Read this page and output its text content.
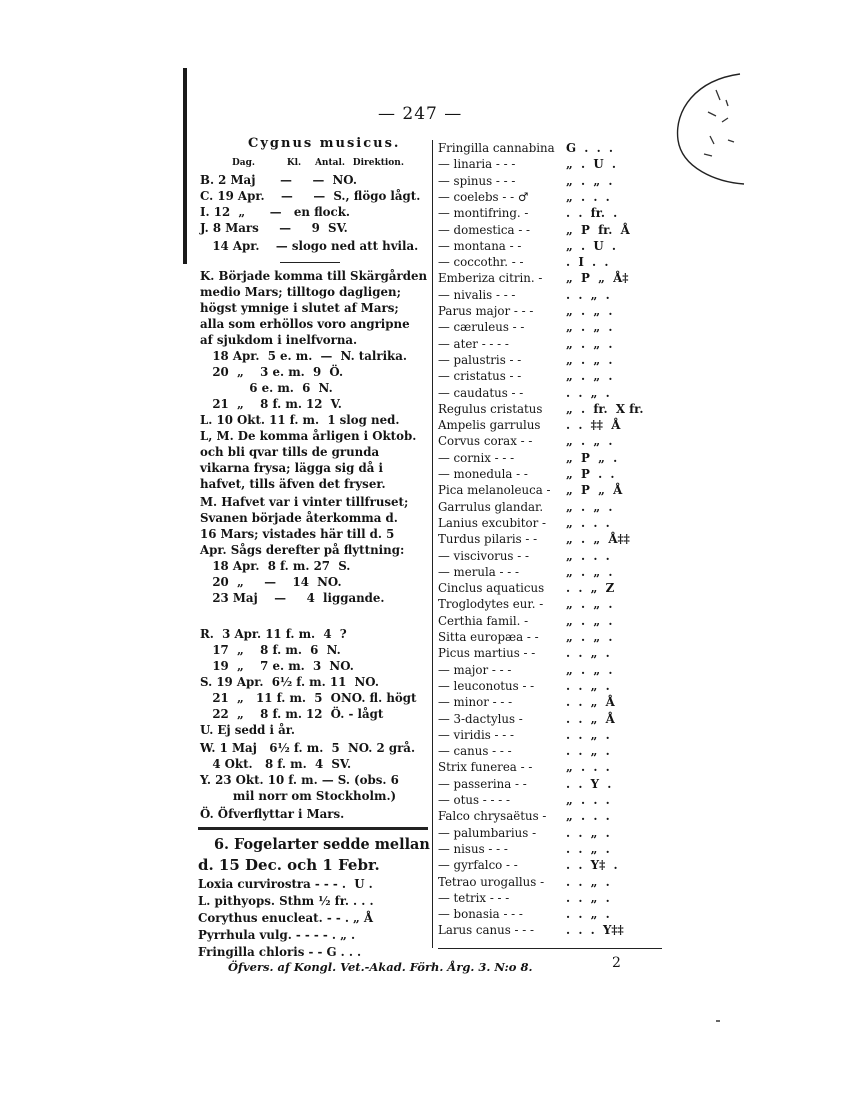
— 247 —
Cygnus musicus.
Dag.	Kl. Antal. Direktion.
B. 2 Maj      —     —  NO.
C. 19 Apr.    —     —  S., flögo lågt.
I. 12  „      —   en flock.
J. 8 Mars     —     9  SV.
14 Apr.    — slogo ned att hvila.
K. Började komma till Skärgården
medio Mars; tilltogo dagligen;
högst ymnige i slutet af Mars;
alla som erhöllos voro angripne
af sjukdom i inelfvorna.
18 Apr.  5 e. m.  —  N. talrika.
20  „    3 e. m.  9  Ö.
6 e. m.  6  N.
21  „    8 f. m. 12  V.
L. 10 Okt. 11 f. m.  1 slog ned.
L, M. De komma årligen i Oktob.
och bli qvar tills de grunda
vikarna frysa; lägga sig då i
hafvet, tills äfven det fryser.
M. Hafvet var i vinter tillfruset;
Svanen började återkomma d.
16 Mars; vistades här till d. 5
Apr. Sågs derefter på flyttning:
18 Apr.  8 f. m. 27  S.
20  „     —    14  NO.
23 Maj    —     4  liggande.
R.  3 Apr. 11 f. m.  4  ?
17  „    8 f. m.  6  N.
19  „    7 e. m.  3  NO.
S. 19 Apr.  6½ f. m. 11  NO.
21  „   11 f. m.  5  ONO. fl. högt
22  „    8 f. m. 12  Ö. - lågt
U. Ej sedd i år.
W. 1 Maj   6½ f. m.  5  NO. 2 grå.
4 Okt.   8 f. m.  4  SV.
Y. 23 Okt. 10 f. m. — S. (obs. 6
mil norr om Stockholm.)
Ö. Öfverflyttar i Mars.
6. Fogelarter sedde mellan
d. 15 Dec. och 1 Febr.
Loxia curvirostra - - - .  U .
L. pithyops. Sthm ½ fr. . . .
Corythus enucleat. - - . „ Å
Pyrrhula vulg. - - - - . „ .
Fringilla chloris - - G . . .
Fringilla cannabina G  .  .  .
— linaria - - -	„  .  U  .
— spinus - - -	„  .  „  .
— coelebs - - ♂	„  .  .  .
— montifring. -	.  .  fr.  .
— domestica - -	„  P  fr.  Å
— montana - -	„  .  U  .
— coccothr. - -	.  I  .  .
Emberiza citrin. - „  P  „  Å‡
— nivalis - - -	.  .  „  .
Parus major - - -	„  .  „  .
— cæruleus - -	„  .  „  .
— ater - - - -	„  .  „  .
— palustris - -	„  .  „  .
— cristatus - -	„  .  „  .
— caudatus - -	.  .  „  .
Regulus cristatus „  .  fr.  X fr.
Ampelis garrulus .  .  ‡‡  Å
Corvus corax - -	„  .  „  .
— cornix - - -	„  P  „  .
— monedula - -	„  P  .  .
Pica melanoleuca - „  P  „  Å
Garrulus glandar. „  .  „  .
Lanius excubitor - „  .  .  .
Turdus pilaris - - „  .  „  Å‡‡
— viscivorus - -	„  .  .  .
— merula - - -	„  .  „  .
Cinclus aquaticus .  .  „  Z
Troglodytes eur. - „  .  „  .
Certhia famil. -	„  .  „  .
Sitta europæa - - „  .  „  .
Picus martius - -	.  .  „  .
— major - - -	„  .  „  .
— leuconotus - -	.  .  „  .
— minor - - -	.  .  „  Å
— 3-dactylus -	.  .  „  Å
— viridis - - -	.  .  „  .
— canus - - -	.  .  „  .
Strix funerea - -	„  .  .  .
— passerina - -	.  .  Y  .
— otus - - - -	„  .  .  .
Falco chrysaëtus - „  .  .  .
— palumbarius -	.  .  „  .
— nisus - - -	.  .  „  .
— gyrfalco - -	.  .  Y‡  .
Tetrao urogallus - .  .  „  .
— tetrix - - -	.  .  „  .
— bonasia - - -	.  .  „  .
Larus canus - - -	.  .  .  Y‡‡
Öfvers. af Kongl. Vet.-Akad. Förh. Årg. 3. N:o 8.	2
